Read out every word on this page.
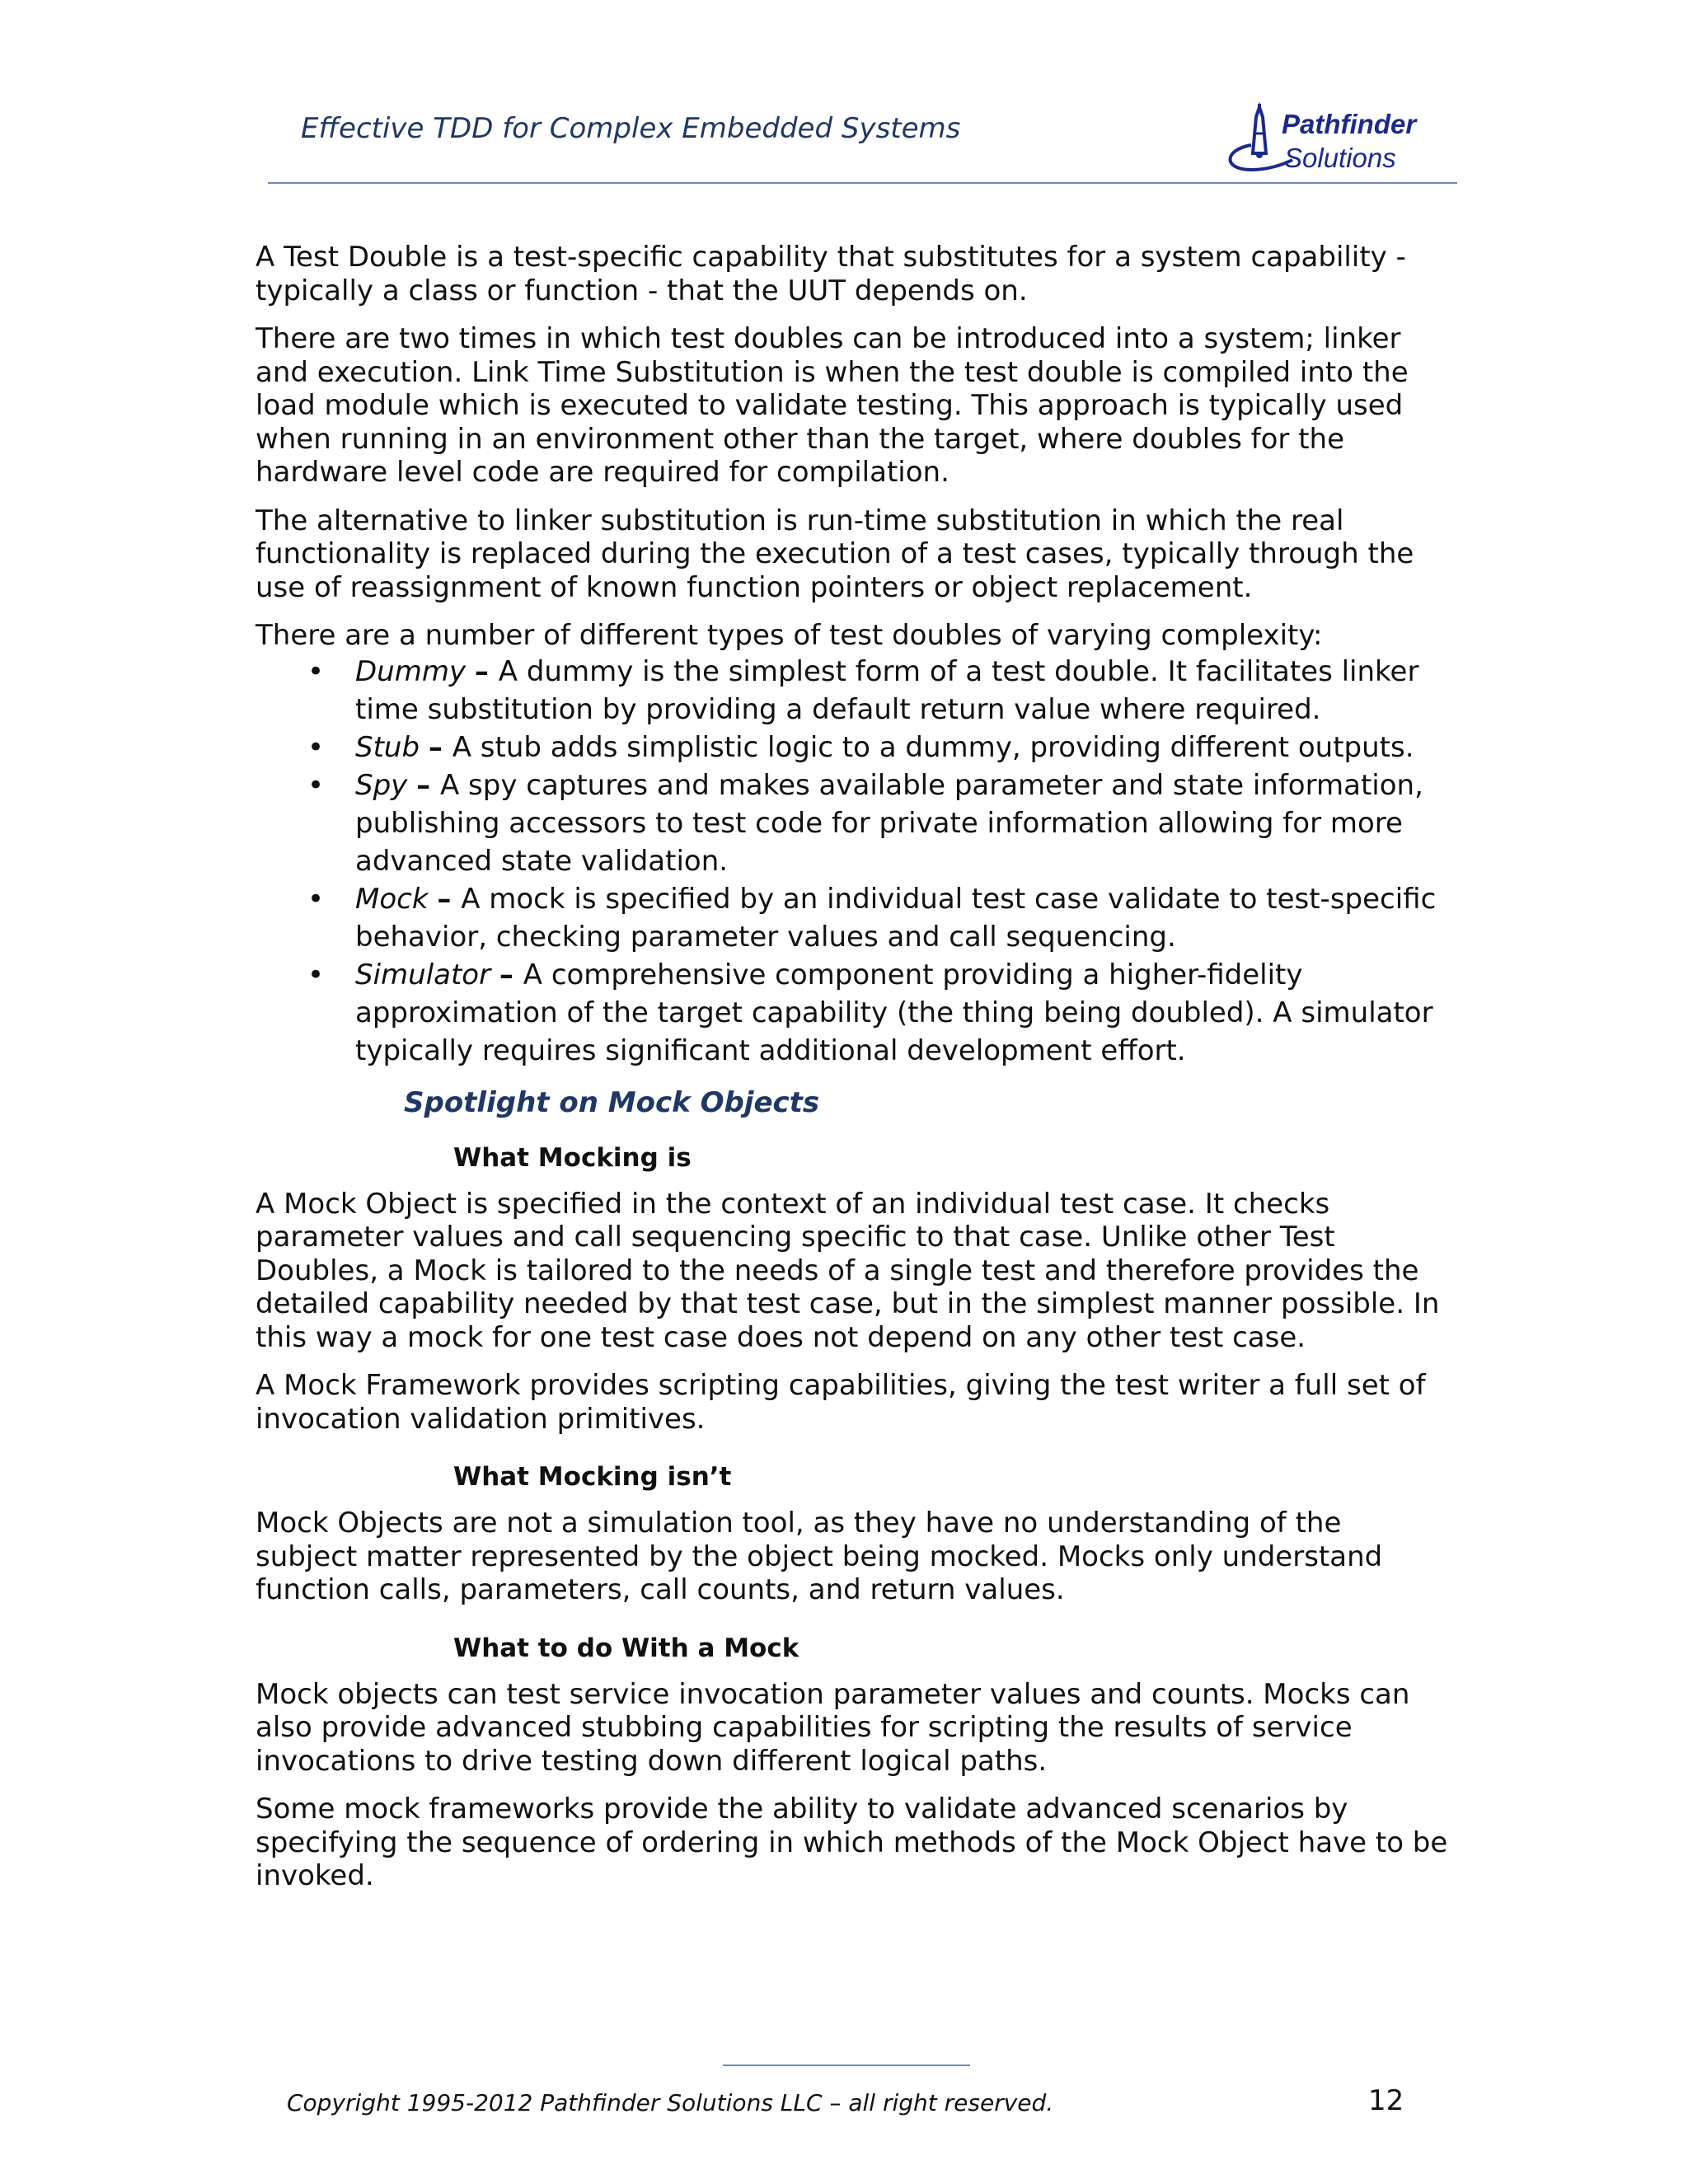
Effective TDD for Complex Embedded Systems	Pathfinder
Solutions

A Test Double is a test-specific capability that substitutes for a system capability - typically a class or function - that the UUT depends on.

There are two times in which test doubles can be introduced into a system; linker and execution. Link Time Substitution is when the test double is compiled into the load module which is executed to validate testing. This approach is typically used when running in an environment other than the target, where doubles for the hardware level code are required for compilation.

The alternative to linker substitution is run-time substitution in which the real functionality is replaced during the execution of a test cases, typically through the use of reassignment of known function pointers or object replacement.

There are a number of different types of test doubles of varying complexity:

• Dummy – A dummy is the simplest form of a test double. It facilitates linker time substitution by providing a default return value where required.
• Stub – A stub adds simplistic logic to a dummy, providing different outputs.
• Spy – A spy captures and makes available parameter and state information, publishing accessors to test code for private information allowing for more advanced state validation.
• Mock – A mock is specified by an individual test case validate to test-specific behavior, checking parameter values and call sequencing.
• Simulator – A comprehensive component providing a higher-fidelity approximation of the target capability (the thing being doubled). A simulator typically requires significant additional development effort.
Spotlight on Mock Objects
What Mocking is

A Mock Object is specified in the context of an individual test case. It checks parameter values and call sequencing specific to that case. Unlike other Test Doubles, a Mock is tailored to the needs of a single test and therefore provides the detailed capability needed by that test case, but in the simplest manner possible. In this way a mock for one test case does not depend on any other test case.

A Mock Framework provides scripting capabilities, giving the test writer a full set of invocation validation primitives.

What Mocking isn’t

Mock Objects are not a simulation tool, as they have no understanding of the subject matter represented by the object being mocked. Mocks only understand function calls, parameters, call counts, and return values.

What to do With a Mock

Mock objects can test service invocation parameter values and counts. Mocks can also provide advanced stubbing capabilities for scripting the results of service invocations to drive testing down different logical paths.

Some mock frameworks provide the ability to validate advanced scenarios by specifying the sequence of ordering in which methods of the Mock Object have to be invoked.

Copyright 1995-2012 Pathfinder Solutions LLC – all right reserved.	12
